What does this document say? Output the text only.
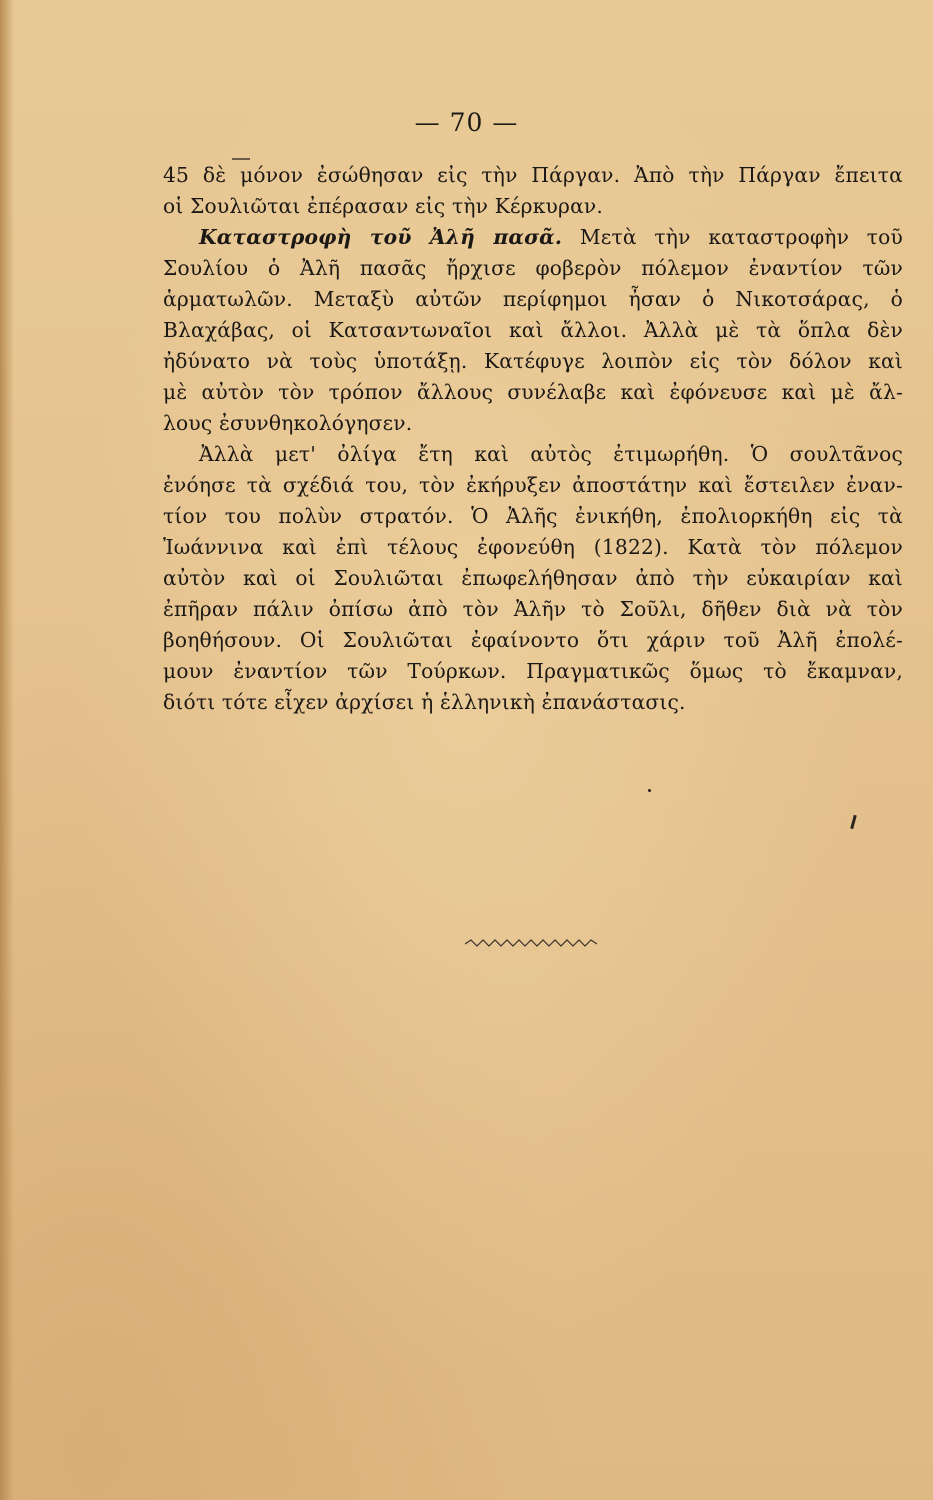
— 70 —
45 δὲ μόνον ἐσώθησαν εἰς τὴν Πάργαν. Ἀπὸ τὴν Πάργαν ἔπειτα
οἱ Σουλιῶται ἐπέρασαν εἰς τὴν Κέρκυραν.
Καταστροφὴ τοῦ Ἀλῆ πασᾶ. Μετὰ τὴν καταστροφὴν τοῦ
Σουλίου ὁ Ἀλῆ πασᾶς ἤρχισε φοβερὸν πόλεμον ἐναντίον τῶν
ἁρματωλῶν. Μεταξὺ αὐτῶν περίφημοι ἦσαν ὁ Νικοτσάρας, ὁ
Βλαχάβας, οἱ Κατσαντωναῖοι καὶ ἄλλοι. Ἀλλὰ μὲ τὰ ὅπλα δὲν
ἠδύνατο νὰ τοὺς ὑποτάξῃ. Κατέφυγε λοιπὸν εἰς τὸν δόλον καὶ
μὲ αὐτὸν τὸν τρόπον ἄλλους συνέλαβε καὶ ἐφόνευσε καὶ μὲ ἄλ-
λους ἐσυνθηκολόγησεν.
Ἀλλὰ μετ' ὀλίγα ἔτη καὶ αὐτὸς ἐτιμωρήθη. Ὁ σουλτᾶνος
ἐνόησε τὰ σχέδιά του, τὸν ἐκήρυξεν ἀποστάτην καὶ ἔστειλεν ἐναν-
τίον του πολὺν στρατόν. Ὁ Ἀλῆς ἐνικήθη, ἐπολιορκήθη εἰς τὰ
Ἰωάννινα καὶ ἐπὶ τέλους ἐφονεύθη (1822). Κατὰ τὸν πόλεμον
αὐτὸν καὶ οἱ Σουλιῶται ἐπωφελήθησαν ἀπὸ τὴν εὐκαιρίαν καὶ
ἐπῆραν πάλιν ὀπίσω ἀπὸ τὸν Ἀλῆν τὸ Σοῦλι, δῆθεν διὰ νὰ τὸν
βοηθήσουν. Οἱ Σουλιῶται ἐφαίνοντο ὅτι χάριν τοῦ Ἀλῆ ἐπολέ-
μουν ἐναντίον τῶν Τούρκων. Πραγματικῶς ὅμως τὸ ἔκαμναν,
διότι τότε εἶχεν ἀρχίσει ἡ ἑλληνικὴ ἐπανάστασις.
